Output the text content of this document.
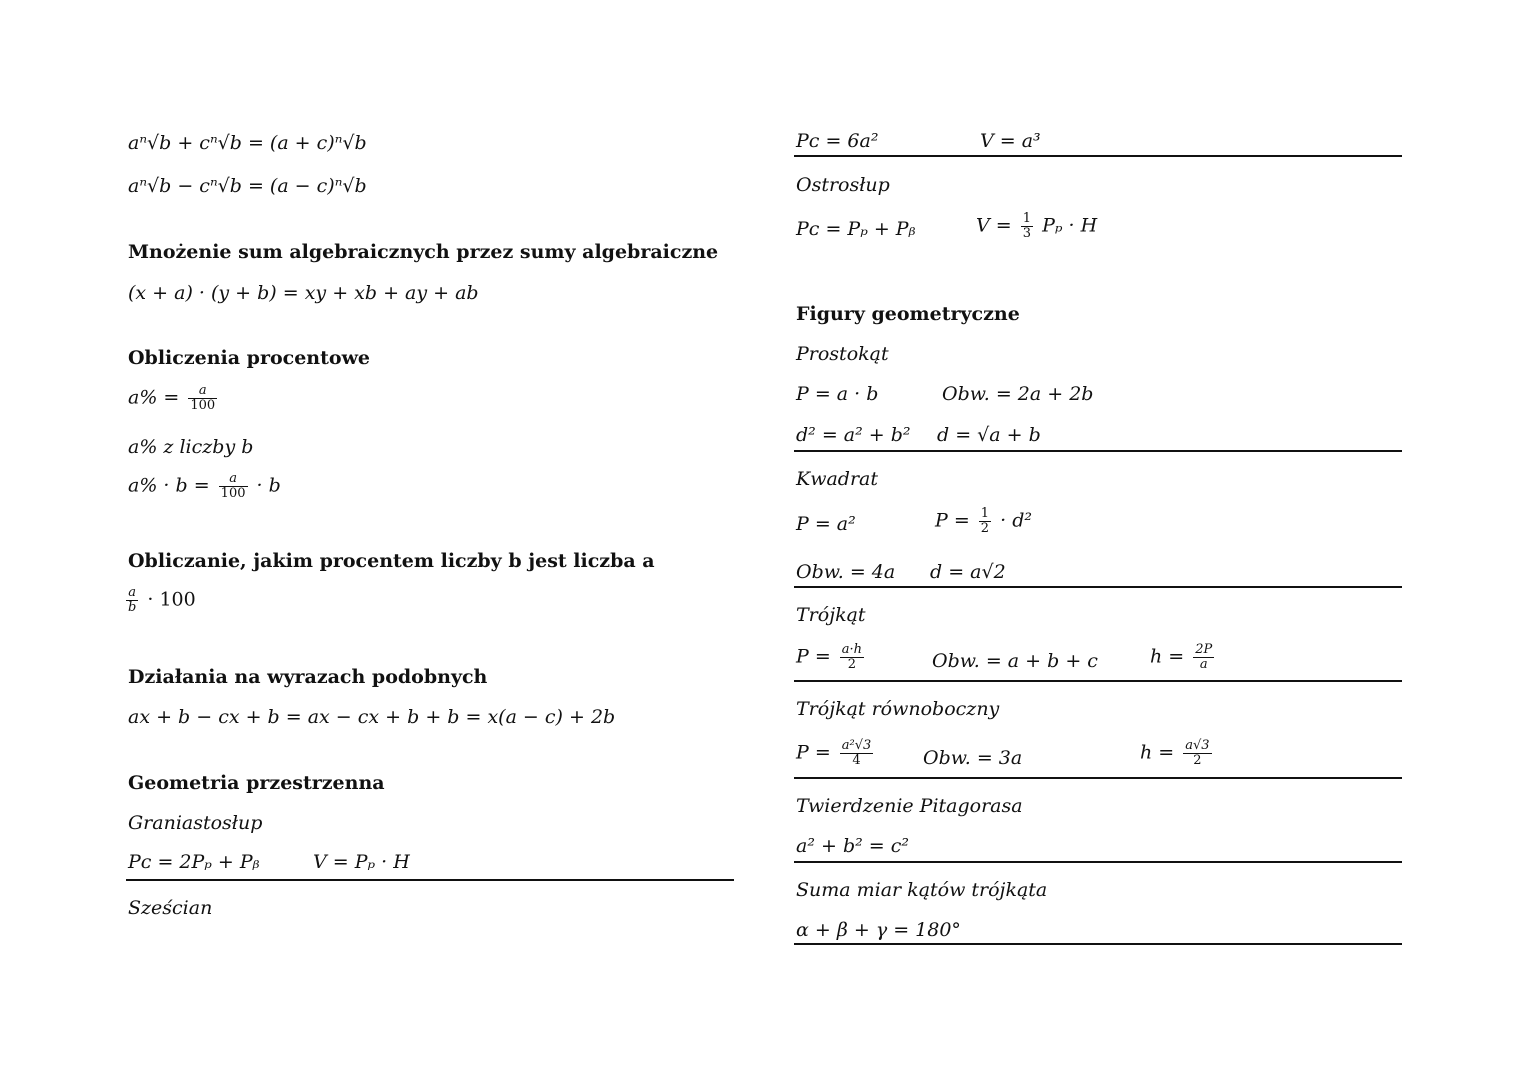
aⁿ√b + cⁿ√b = (a + c)ⁿ√b
aⁿ√b − cⁿ√b = (a − c)ⁿ√b
Mnożenie sum algebraicznych przez sumy algebraiczne
(x + a) · (y + b) = xy + xb + ay + ab
Obliczenia procentowe
$a\% = \frac{a}{100}$
a% z liczby b
$a\% \cdot b = \frac{a}{100} \cdot b$
Obliczanie, jakim procentem liczby b jest liczba a
$\frac{a}{b} \cdot 100$
Działania na wyrazach podobnych
ax + b − cx + b = ax − cx + b + b = x(a − c) + 2b
Geometria przestrzenna
Graniastosłup
Pᴄ = 2Pₚ + Pᵦ	V = Pₚ · H
Sześcian
Pᴄ = 6a²	V = a³
Ostrosłup
Pᴄ = Pₚ + Pᵦ	$V = \frac{1}{3}$ Pₚ · H
Figury geometryczne
Prostokąt
P = a · b	Obw. = 2a + 2b
d² = a² + b² d = √a + b
Kwadrat
P = a²	$P = \frac{1}{2} \cdot d^2$
Obw. = 4a d = a√2
Trójkąt
$P = \frac{a\cdot h}{2}$	Obw. = a + b + c	$h = \frac{2P}{a}$
Trójkąt równoboczny
$P = \frac{\text{a²√3}}{4}$	Obw. = 3a	$h = \frac{a√3}{2}$
Twierdzenie Pitagorasa
a² + b² = c²
Suma miar kątów trójkąta
α + β + γ = 180°
